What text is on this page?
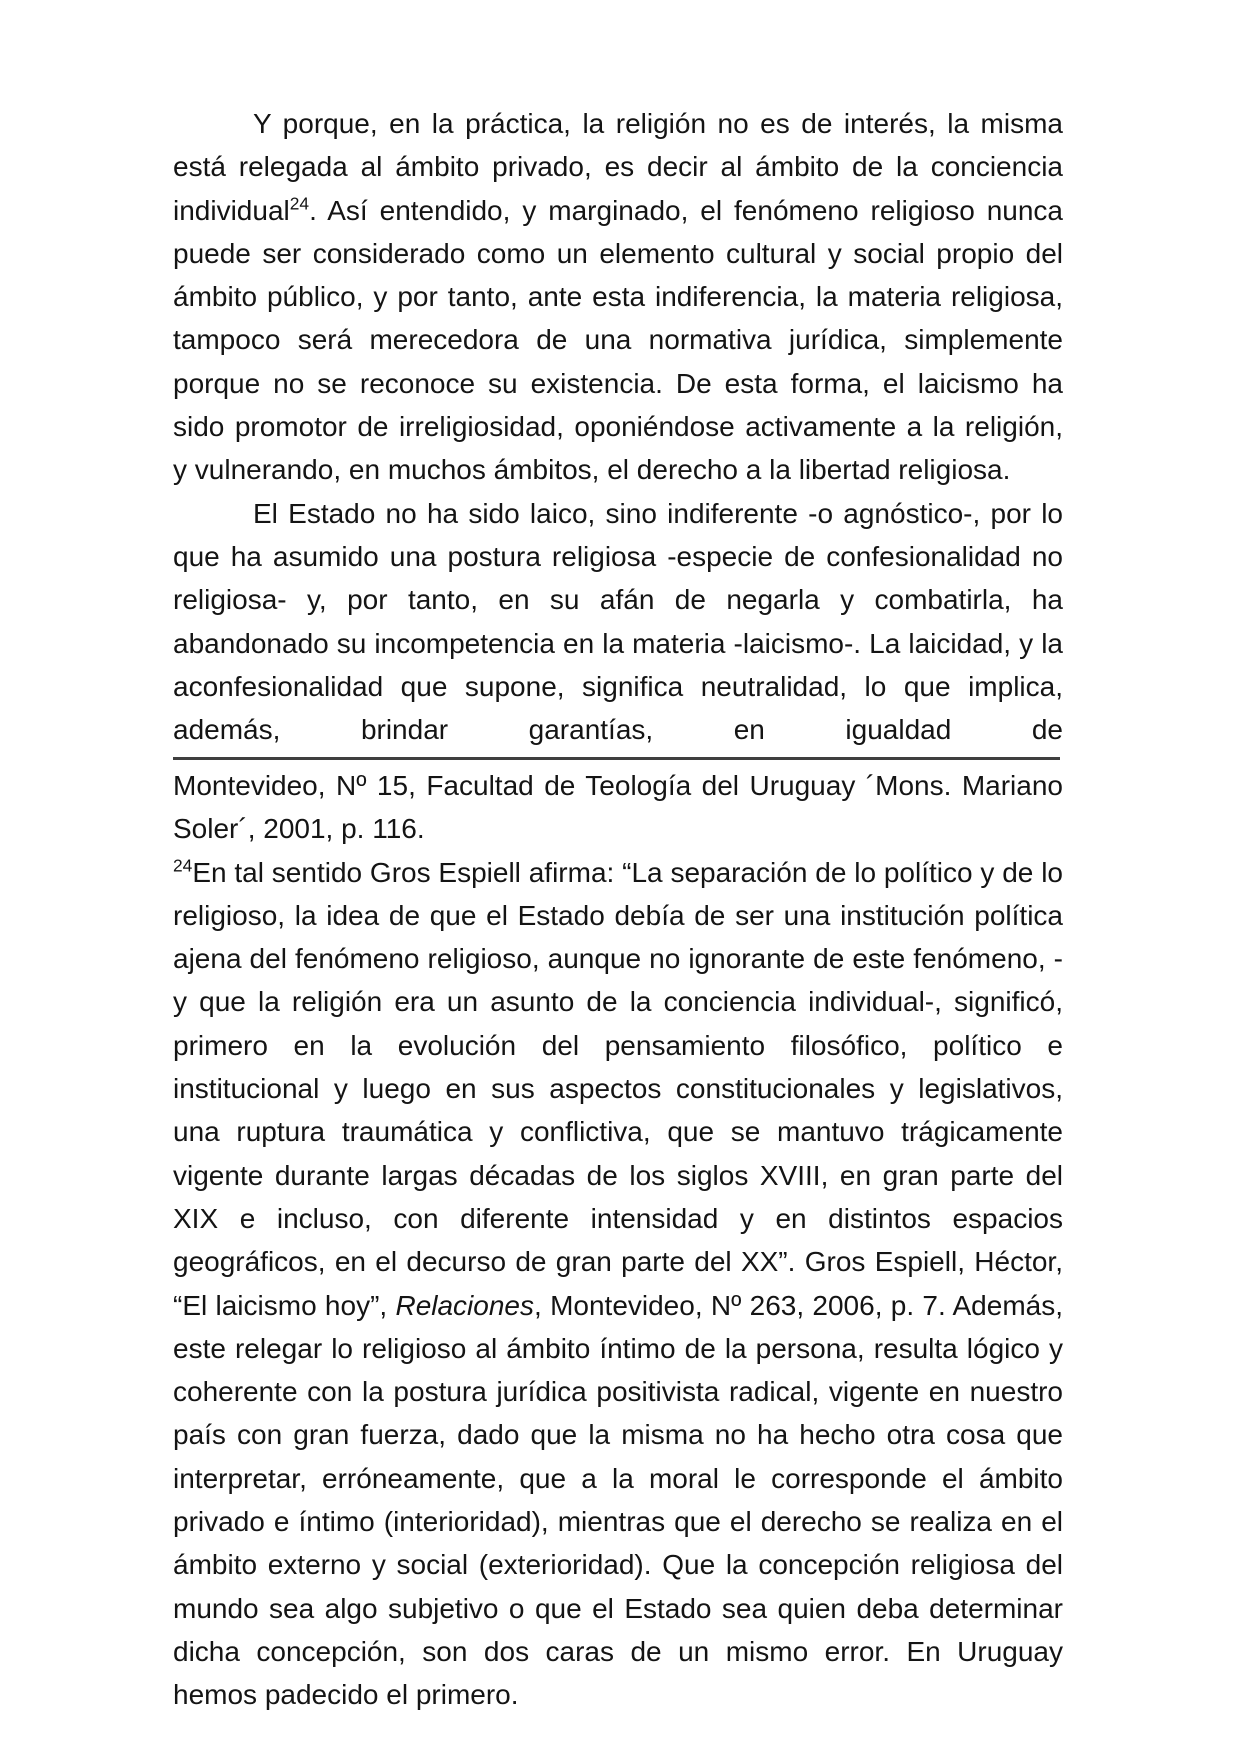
Y porque, en la práctica, la religión no es de interés, la misma está relegada al ámbito privado, es decir al ámbito de la conciencia individual$^{24}$. Así entendido, y marginado, el fenómeno religioso nunca puede ser considerado como un elemento cultural y social propio del ámbito público, y por tanto, ante esta indiferencia, la materia religiosa, tampoco será merecedora de una normativa jurídica, simplemente porque no se reconoce su existencia. De esta forma, el laicismo ha sido promotor de irreligiosidad, oponiéndose activamente a la religión, y vulnerando, en muchos ámbitos, el derecho a la libertad religiosa.

El Estado no ha sido laico, sino indiferente -o agnóstico-, por lo que ha asumido una postura religiosa -especie de confesionalidad no religiosa- y, por tanto, en su afán de negarla y combatirla, ha abandonado su incompetencia en la materia -laicismo-. La laicidad, y la aconfesionalidad que supone, significa neutralidad, lo que implica, además, brindar garantías, en igualdad de

Montevideo, Nº 15, Facultad de Teología del Uruguay ´Mons. Mariano Soler´, 2001, p. 116.

$^{24}$En tal sentido Gros Espiell afirma: “La separación de lo político y de lo religioso, la idea de que el Estado debía de ser una institución política ajena del fenómeno religioso, aunque no ignorante de este fenómeno, -y que la religión era un asunto de la conciencia individual-, significó, primero en la evolución del pensamiento filosófico, político e institucional y luego en sus aspectos constitucionales y legislativos, una ruptura traumática y conflictiva, que se mantuvo trágicamente vigente durante largas décadas de los siglos XVIII, en gran parte del XIX e incluso, con diferente intensidad y en distintos espacios geográficos, en el decurso de gran parte del XX”. Gros Espiell, Héctor, “El laicismo hoy”, Relaciones, Montevideo, Nº 263, 2006, p. 7. Además, este relegar lo religioso al ámbito íntimo de la persona, resulta lógico y coherente con la postura jurídica positivista radical, vigente en nuestro país con gran fuerza, dado que la misma no ha hecho otra cosa que interpretar, erróneamente, que a la moral le corresponde el ámbito privado e íntimo (interioridad), mientras que el derecho se realiza en el ámbito externo y social (exterioridad). Que la concepción religiosa del mundo sea algo subjetivo o que el Estado sea quien deba determinar dicha concepción, son dos caras de un mismo error. En Uruguay hemos padecido el primero.
